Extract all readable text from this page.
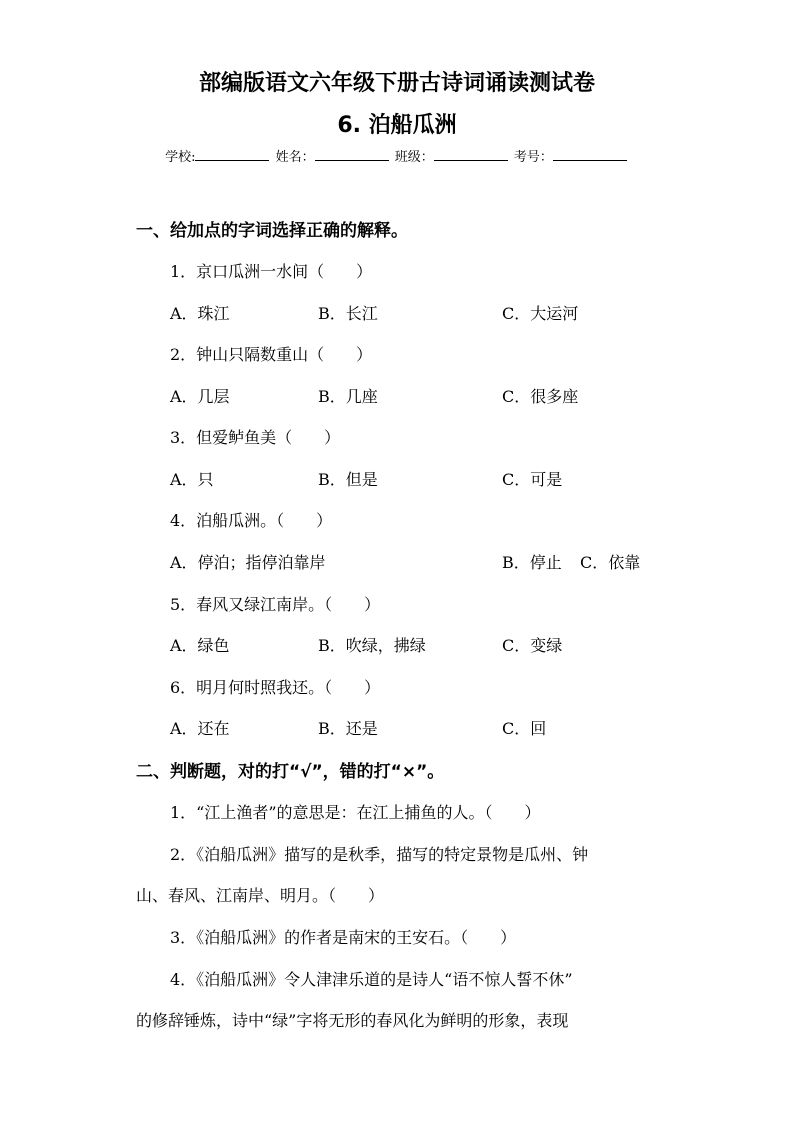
部编版语文六年级下册古诗词诵读测试卷
6. 泊船瓜洲
学校:	姓名：	班级：	考号：
一、给加点的字词选择正确的解释。
1．京口瓜洲一水间（　　）
A．珠江	B．长江	C．大运河
2．钟山只隔数重山（　　）
A．几层	B．几座	C．很多座
3．但爱鲈鱼美（　　）
A．只	B．但是	C．可是
4．泊船瓜洲。（　　）
A．停泊；指停泊靠岸	B．停止 C．依靠
5．春风又绿江南岸。（　　）
A．绿色	B．吹绿，拂绿	C．变绿
6．明月何时照我还。（　　）
A．还在	B．还是	C．回
二、判断题，对的打“√”，错的打“×”。
1．“江上渔者”的意思是：在江上捕鱼的人。（　　）
2．《泊船瓜洲》描写的是秋季，描写的特定景物是瓜州、钟
山、春风、江南岸、明月。（　　）
3．《泊船瓜洲》的作者是南宋的王安石。（　　）
4．《泊船瓜洲》令人津津乐道的是诗人“语不惊人誓不休”
的修辞锤炼，诗中“绿”字将无形的春风化为鲜明的形象，表现
